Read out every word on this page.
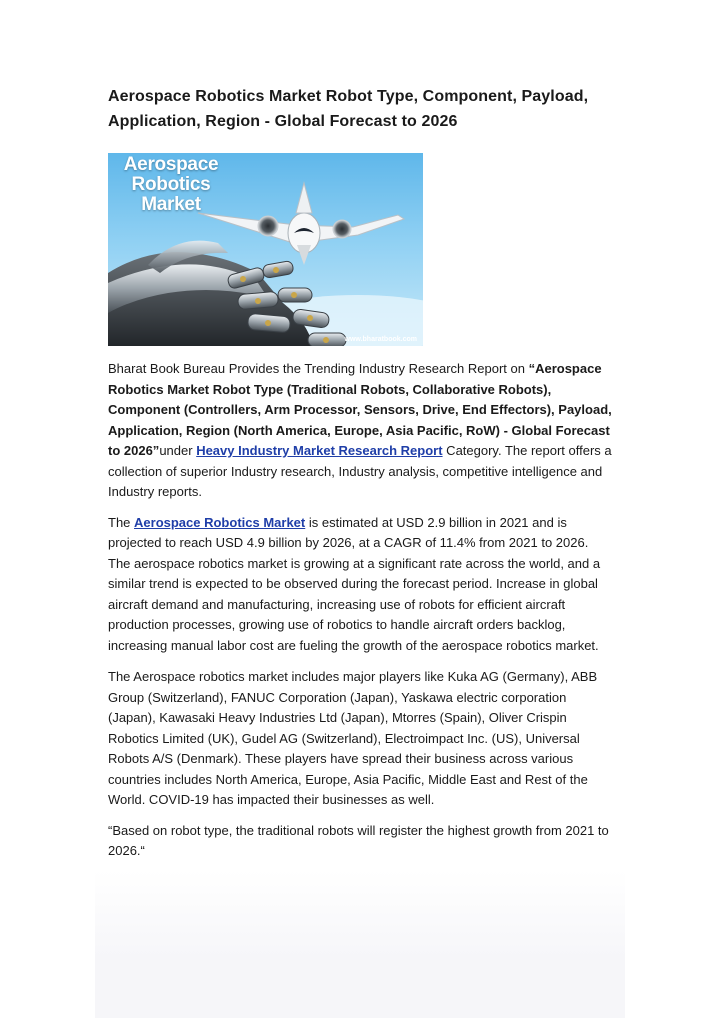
Aerospace Robotics Market Robot Type, Component, Payload, Application, Region - Global Forecast to 2026
Aerospace Robotics Market
www.bharatbook.com

Bharat Book Bureau Provides the Trending Industry Research Report on “Aerospace Robotics Market Robot Type (Traditional Robots, Collaborative Robots), Component (Controllers, Arm Processor, Sensors, Drive, End Effectors), Payload, Application, Region (North America, Europe, Asia Pacific, RoW) - Global Forecast to 2026”under Heavy Industry Market Research Report Category. The report offers a collection of superior Industry research, Industry analysis, competitive intelligence and Industry reports.

The Aerospace Robotics Market is estimated at USD 2.9 billion in 2021 and is projected to reach USD 4.9 billion by 2026, at a CAGR of 11.4% from 2021 to 2026. The aerospace robotics market is growing at a significant rate across the world, and a similar trend is expected to be observed during the forecast period. Increase in global aircraft demand and manufacturing, increasing use of robots for efficient aircraft production processes, growing use of robotics to handle aircraft orders backlog, increasing manual labor cost are fueling the growth of the aerospace robotics market.

The Aerospace robotics market includes major players like Kuka AG (Germany), ABB Group (Switzerland), FANUC Corporation (Japan), Yaskawa electric corporation (Japan), Kawasaki Heavy Industries Ltd (Japan), Mtorres (Spain), Oliver Crispin Robotics Limited (UK), Gudel AG (Switzerland), Electroimpact Inc. (US), Universal Robots A/S (Denmark). These players have spread their business across various countries includes North America, Europe, Asia Pacific, Middle East and Rest of the World. COVID-19 has impacted their businesses as well.

“Based on robot type, the traditional robots will register the highest growth from 2021 to 2026.“
